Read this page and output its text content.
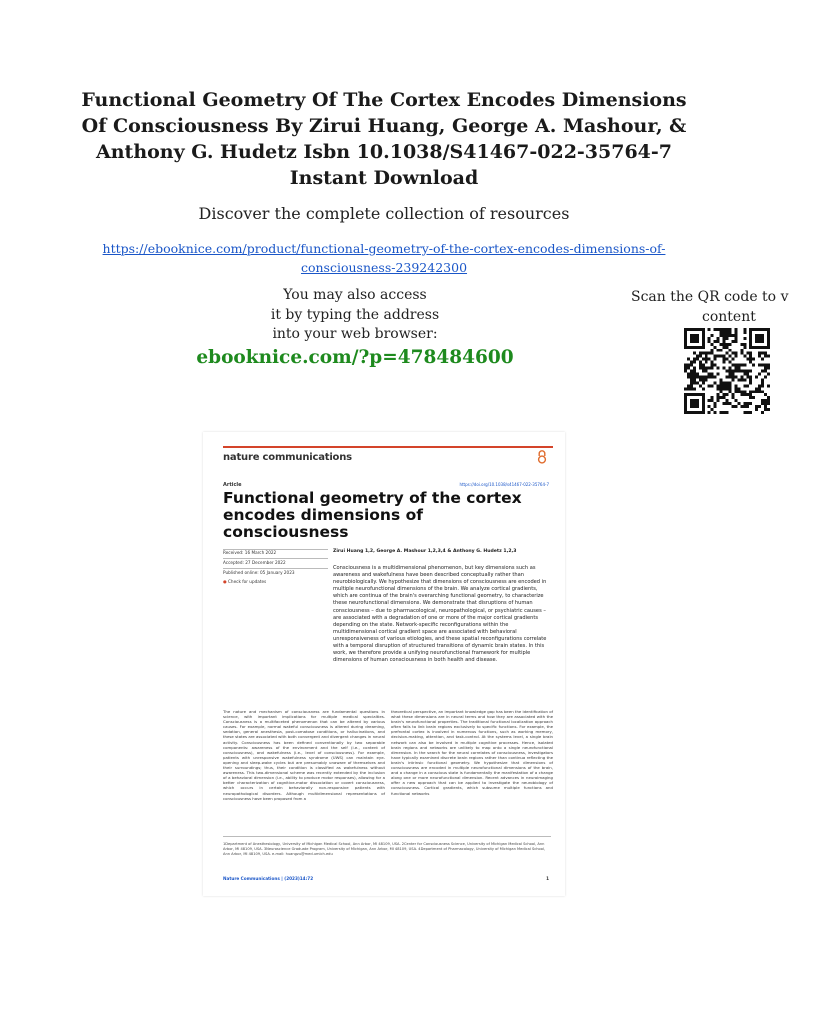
Functional Geometry Of The Cortex Encodes Dimensions Of Consciousness By Zirui Huang, George A. Mashour, & Anthony G. Hudetz Isbn 10.1038/S41467-022-35764-7 Instant Download
Discover the complete collection of resources
https://ebooknice.com/product/functional-geometry-of-the-cortex-encodes-dimensions-of-consciousness-239242300
You may also access
it by typing the address
into your web browser:
ebooknice.com/?p=478484600
Scan the QR code to v
content
nature communications
Article	https://doi.org/10.1038/s41467-022-35764-7
Functional geometry of the cortex encodes dimensions of consciousness
Received: 16 March 2022
Accepted: 27 December 2022
Published online: 05 January 2023
● Check for updates
Zirui Huang 1,2, George A. Mashour 1,2,3,4 & Anthony G. Hudetz 1,2,3
Consciousness is a multidimensional phenomenon, but key dimensions such as awareness and wakefulness have been described conceptually rather than neurobiologically. We hypothesize that dimensions of consciousness are encoded in multiple neurofunctional dimensions of the brain. We analyze cortical gradients, which are continua of the brain's overarching functional geometry, to characterize these neurofunctional dimensions. We demonstrate that disruptions of human consciousness – due to pharmacological, neuropathological, or psychiatric causes – are associated with a degradation of one or more of the major cortical gradients depending on the state. Network-specific reconfigurations within the multidimensional cortical gradient space are associated with behavioral unresponsiveness of various etiologies, and these spatial reconfigurations correlate with a temporal disruption of structured transitions of dynamic brain states. In this work, we therefore provide a unifying neurofunctional framework for multiple dimensions of human consciousness in both health and disease.
The nature and mechanism of consciousness are fundamental questions in science, with important implications for multiple medical specialties. Consciousness is a multifaceted phenomenon that can be altered by various causes. For example, normal wakeful consciousness is altered during dreaming, sedation, general anesthesia, post-comatose conditions, or hallucinations, and these states are associated with both convergent and divergent changes in neural activity. Consciousness has been defined conventionally by two separable components: awareness of the environment and the self (i.e., content of consciousness), and wakefulness (i.e., level of consciousness). For example, patients with unresponsive wakefulness syndrome (UWS) can maintain eye-opening and sleep-wake cycles but are presumably unaware of themselves and their surroundings; thus, their condition is classified as wakefulness without awareness. This two-dimensional scheme was recently extended by the inclusion of a behavioral dimension (i.e., ability to produce motor responses), allowing for a better characterization of cognitive-motor dissociation or covert consciousness, which occurs in certain behaviorally non-responsive patients with neuropathological disorders. Although multidimensional representations of consciousness have been proposed from a
theoretical perspective, an important knowledge gap has been the identification of what these dimensions are in neural terms and how they are associated with the brain's neurofunctional properties. The traditional functional localization approach often fails to link brain regions exclusively to specific functions. For example, the prefrontal cortex is involved in numerous functions, such as working memory, decision-making, attention, and task-control. At the systems level, a single brain network can also be involved in multiple cognitive processes. Hence, isolated brain regions and networks are unlikely to map onto a single neurofunctional dimension. In the search for the neural correlates of consciousness, investigators have typically examined discrete brain regions rather than continua reflecting the brain's intrinsic functional geometry. We hypothesize that dimensions of consciousness are encoded in multiple neurofunctional dimensions of the brain, and a change in a conscious state is fundamentally the manifestation of a change along one or more neurofunctional dimension. Recent advances in neuroimaging offer a new approach that can be applied to investigate the neurobiology of consciousness. Cortical gradients, which subsume multiple functions and functional networks
1Department of Anesthesiology, University of Michigan Medical School, Ann Arbor, MI 48109, USA. 2Center for Consciousness Science, University of Michigan Medical School, Ann Arbor, MI 48109, USA. 3Neuroscience Graduate Program, University of Michigan, Ann Arbor, MI 48109, USA. 4Department of Pharmacology, University of Michigan Medical School, Ann Arbor, MI 48109, USA. e-mail: huangzu@med.umich.edu
Nature Communications | (2023)14:72	1
